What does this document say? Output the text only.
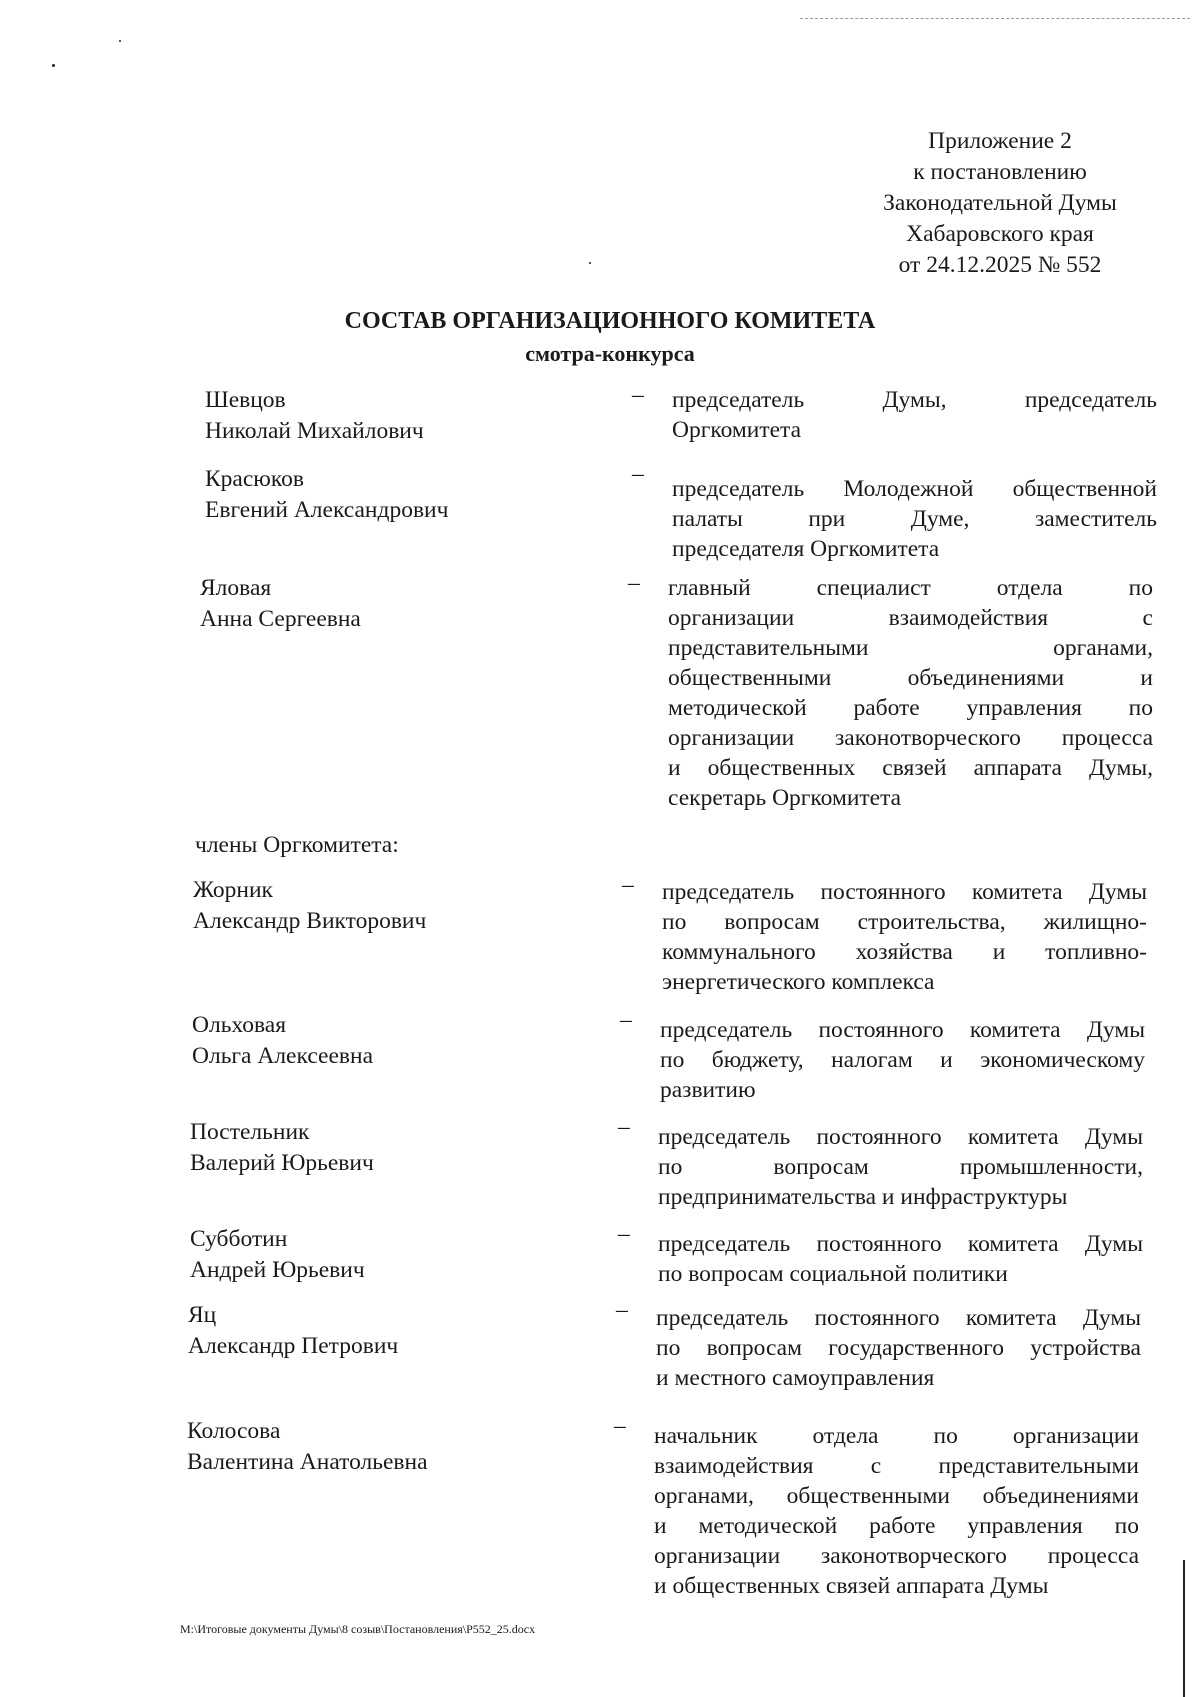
Приложение 2
к постановлению
Законодательной Думы
Хабаровского края
от 24.12.2025 № 552
СОСТАВ ОРГАНИЗАЦИОННОГО КОМИТЕТА
смотра-конкурса
Шевцов
Николай Михайлович
– председатель Думы, председатель
Оргкомитета
Красюков
Евгений Александрович
–
председатель Молодежной общественной
палаты при Думе, заместитель
председателя Оргкомитета
Яловая
Анна Сергеевна
– главный специалист отдела по
организации взаимодействия с
представительными органами,
общественными объединениями и
методической работе управления по
организации законотворческого процесса
и общественных связей аппарата Думы,
секретарь Оргкомитета
члены Оргкомитета:
Жорник
Александр Викторович
– председатель постоянного комитета Думы
по вопросам строительства, жилищно-
коммунального хозяйства и топливно-
энергетического комплекса
Ольховая
Ольга Алексеевна
– председатель постоянного комитета Думы
по бюджету, налогам и экономическому
развитию
Постельник
Валерий Юрьевич
– председатель постоянного комитета Думы
по вопросам промышленности,
предпринимательства и инфраструктуры
Субботин
Андрей Юрьевич
– председатель постоянного комитета Думы
по вопросам социальной политики
Яц
Александр Петрович
– председатель постоянного комитета Думы
по вопросам государственного устройства
и местного самоуправления
Колосова
Валентина Анатольевна
– начальник отдела по организации
взаимодействия с представительными
органами, общественными объединениями
и методической работе управления по
организации законотворческого процесса
и общественных связей аппарата Думы
M:\Итоговые документы Думы\8 созыв\Постановления\Р552_25.docx
